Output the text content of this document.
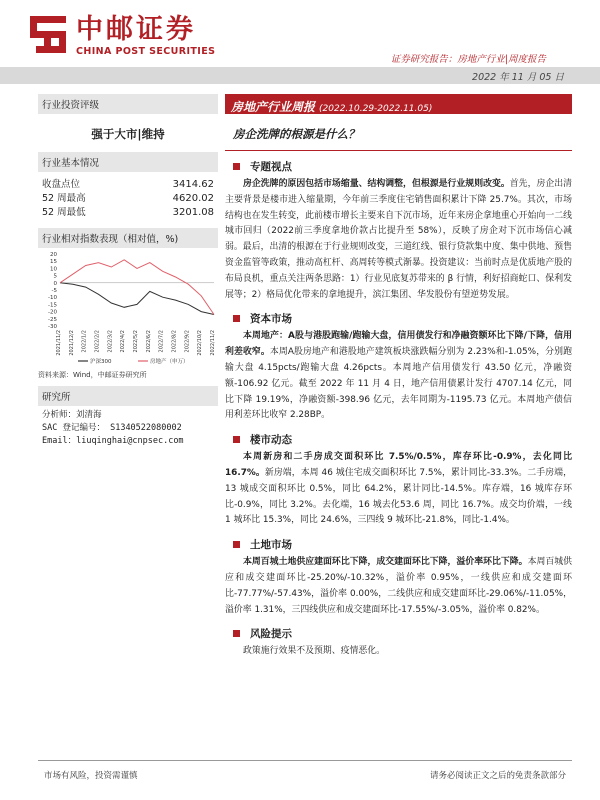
中邮证券
CHINA POST SECURITIES
证券研究报告：房地产行业|周度报告
2022 年 11 月 05 日
行业投资评级
强于大市|维持
行业基本情况
收盘点位	3414.62
52 周最高	4620.02
52 周最低	3201.08
行业相对指数表现（相对值，%)
20
15
10
5
0
-5
-10
-15
-20
-25
-30
2021/11/2 2021/12/2 2022/1/2 2022/2/2 2022/3/2 2022/4/2 2022/5/2 2022/6/2 2022/7/2 2022/8/2 2022/9/2 2022/10/2 2022/11/2
沪深300	房地产（申万）
资料来源：Wind，中邮证券研究所
研究所
分析师：刘清海
SAC 登记编号： S1340522080002
Email：liuqinghai@cnpsec.com
房地产行业周报 (2022.10.29-2022.11.05)
房企洗牌的根源是什么？
专题视点

房企洗牌的原因包括市场缩量、结构调整，但根源是行业规则改变。首先，房企出清主要背景是楼市进入缩量期，今年前三季度住宅销售面积累计下降 25.7%。其次，市场结构也在发生转变，此前楼市增长主要来自下沉市场，近年来房企拿地重心开始向一二线城市回归（2022前三季度拿地价款占比提升至 58%），反映了房企对下沉市场信心减弱。最后，出清的根源在于行业规则改变，三道红线、银行贷款集中度、集中供地、预售资金监管等政策，推动高杠杆、高周转等模式渐暴。投资建议：当前时点是优质地产股的布局良机，重点关注两条思路：1）行业见底复苏带来的 β 行情，利好招商蛇口、保利发展等；2）格局优化带来的拿地提升，滨江集团、华发股份有望逆势发展。

资本市场

本周地产：A股与港股跑输/跑输大盘，信用债发行和净融资额环比下降/下降，信用利差收窄。本周A股房地产和港股地产建筑板块涨跌幅分别为 2.23%和-1.05%，分别跑输大盘 4.15pcts/跑输大盘 4.26pcts。本周地产信用债发行 43.50 亿元，净融资额-106.92 亿元。截至 2022 年 11 月 4 日，地产信用债累计发行 4707.14 亿元，同比下降 19.19%，净融资额-398.96 亿元，去年同期为-1195.73 亿元。本周地产债信用利差环比收窄 2.28BP。

楼市动态

本周新房和二手房成交面积环比 7.5%/0.5%，库存环比-0.9%，去化同比 16.7%。新房端，本周 46 城住宅成交面积环比 7.5%，累计同比-33.3%。二手房端，13 城成交面积环比 0.5%，同比 64.2%，累计同比-14.5%。库存端，16 城库存环比-0.9%，同比 3.2%。去化端，16 城去化53.6 周，同比 16.7%。成交均价端，一线 1 城环比 15.3%，同比 24.6%，三四线 9 城环比-21.8%，同比-1.4%。

土地市场

本周百城土地供应建面环比下降，成交建面环比下降，溢价率环比下降。本周百城供应和成交建面环比-25.20%/-10.32%，溢价率 0.95%，一线供应和成交建面环比-77.77%/-57.43%，溢价率 0.00%，二线供应和成交建面环比-29.06%/-11.05%，溢价率 1.31%，三四线供应和成交建面环比-17.55%/-3.05%，溢价率 0.82%。

风险提示

政策施行效果不及预期、疫情恶化。

市场有风险，投资需谨慎	请务必阅读正文之后的免责条款部分
